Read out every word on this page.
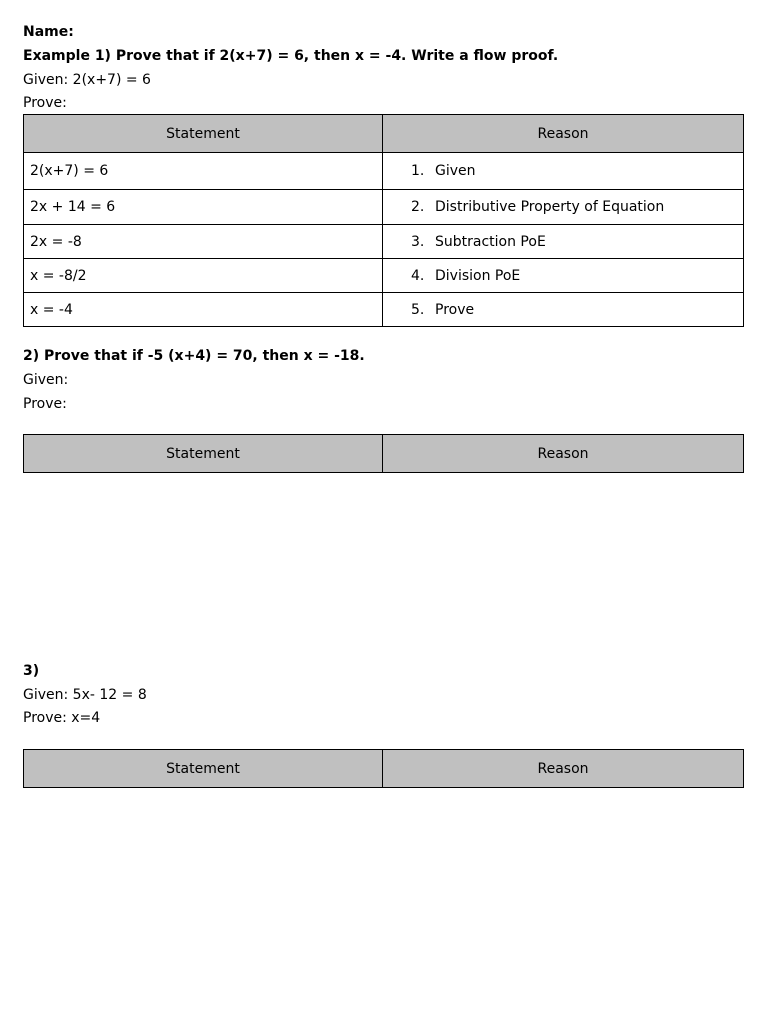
Name:
Example 1) Prove that if 2(x+7) = 6, then x = -4. Write a flow proof.
Given: 2(x+7) = 6
Prove:
Statement	Reason
2(x+7) = 6	1. Given
2x + 14 = 6	2. Distributive Property of Equation
2x = -8	3. Subtraction PoE
x = -8/2	4. Division PoE
x = -4	5. Prove
2) Prove that if -5 (x+4) = 70, then x = -18.
Given:
Prove:
Statement	Reason
3)
Given: 5x- 12 = 8
Prove: x=4
Statement	Reason
